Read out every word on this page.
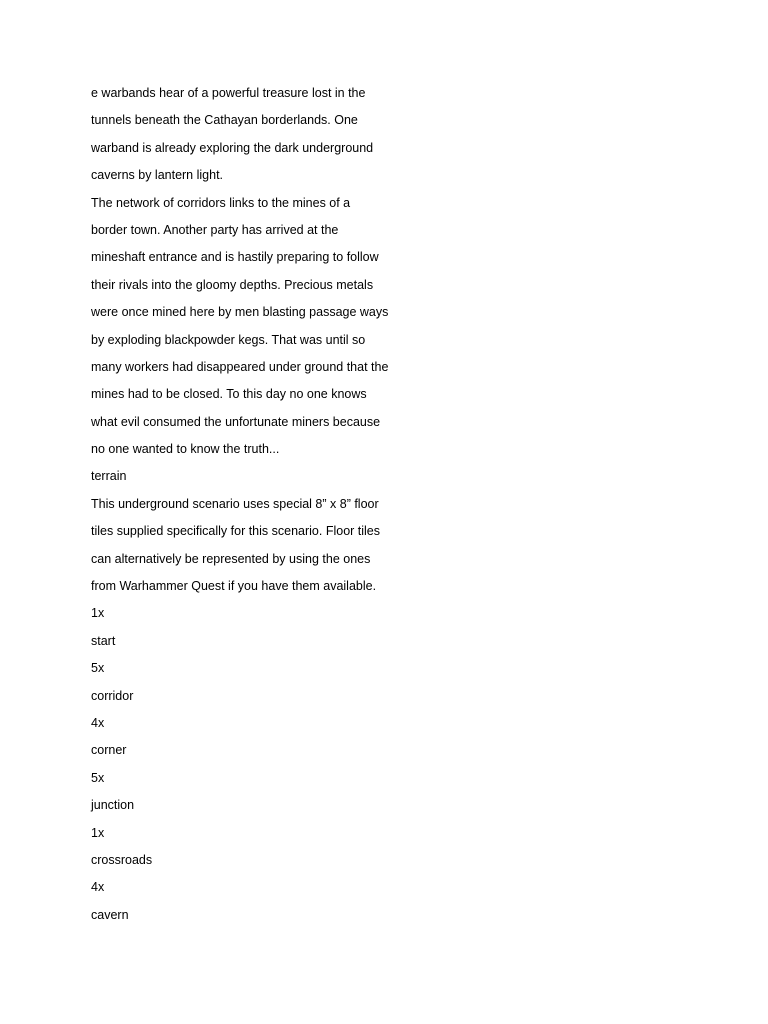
e warbands hear of a powerful treasure lost in the
tunnels beneath the Cathayan borderlands. One
warband is already exploring the dark underground
caverns by lantern light.
The network of corridors links to the mines of a
border town. Another party has arrived at the
mineshaft entrance and is hastily preparing to follow
their rivals into the gloomy depths. Precious metals
were once mined here by men blasting passage ways
by exploding blackpowder kegs. That was until so
many workers had disappeared under ground that the
mines had to be closed. To this day no one knows
what evil consumed the unfortunate miners because
no one wanted to know the truth...
terrain
This underground scenario uses special 8” x 8” floor
tiles supplied specifically for this scenario. Floor tiles
can alternatively be represented by using the ones
from Warhammer Quest if you have them available.
1x
start
5x
corridor
4x
corner
5x
junction
1x
crossroads
4x
cavern
